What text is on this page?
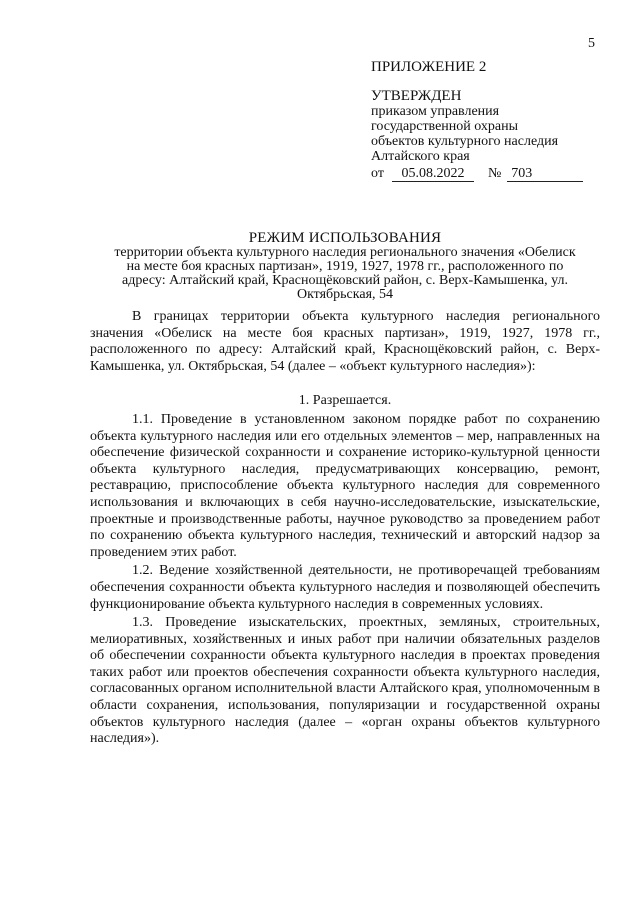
5
ПРИЛОЖЕНИЕ 2
УТВЕРЖДЕН
приказом управления
государственной охраны
объектов культурного наследия
Алтайского края
от 05.08.2022 № 703
РЕЖИМ ИСПОЛЬЗОВАНИЯ
территории объекта культурного наследия регионального значения «Обелиск на месте боя красных партизан», 1919, 1927, 1978 гг., расположенного по адресу: Алтайский край, Краснощёковский район, с. Верх-Камышенка, ул. Октябрьская, 54

В границах территории объекта культурного наследия регионального значения «Обелиск на месте боя красных партизан», 1919, 1927, 1978 гг., расположенного по адресу: Алтайский край, Краснощёковский район, с. Верх-Камышенка, ул. Октябрьская, 54 (далее – «объект культурного наследия»):

1. Разрешается.

1.1. Проведение в установленном законом порядке работ по сохранению объекта культурного наследия или его отдельных элементов – мер, направленных на обеспечение физической сохранности и сохранение историко-культурной ценности объекта культурного наследия, предусматривающих консервацию, ремонт, реставрацию, приспособление объекта культурного наследия для современного использования и включающих в себя научно-исследовательские, изыскательские, проектные и производственные работы, научное руководство за проведением работ по сохранению объекта культурного наследия, технический и авторский надзор за проведением этих работ.

1.2. Ведение хозяйственной деятельности, не противоречащей требованиям обеспечения сохранности объекта культурного наследия и позволяющей обеспечить функционирование объекта культурного наследия в современных условиях.

1.3. Проведение изыскательских, проектных, земляных, строительных, мелиоративных, хозяйственных и иных работ при наличии обязательных разделов об обеспечении сохранности объекта культурного наследия в проектах проведения таких работ или проектов обеспечения сохранности объекта культурного наследия, согласованных органом исполнительной власти Алтайского края, уполномоченным в области сохранения, использования, популяризации и государственной охраны объектов культурного наследия (далее – «орган охраны объектов культурного наследия»).
